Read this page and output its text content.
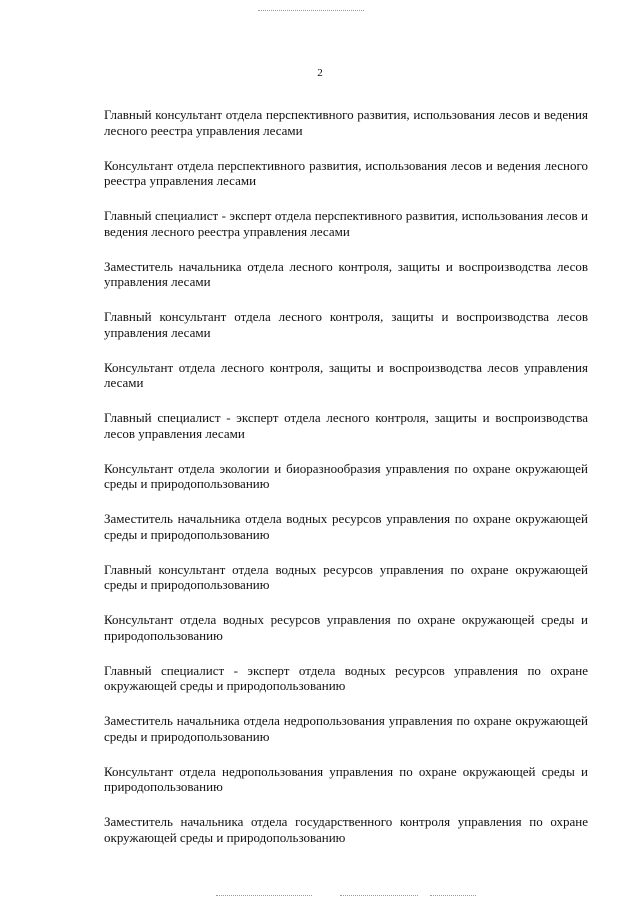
2
Главный консультант отдела перспективного развития, использования лесов и ведения лесного реестра управления лесами
Консультант отдела перспективного развития, использования лесов и ведения лесного реестра управления лесами
Главный специалист - эксперт отдела перспективного развития, использования лесов и ведения лесного реестра управления лесами
Заместитель начальника отдела лесного контроля, защиты и воспроизводства лесов управления лесами
Главный консультант отдела лесного контроля, защиты и воспроизводства лесов управления лесами
Консультант отдела лесного контроля, защиты и воспроизводства лесов управления лесами
Главный специалист - эксперт отдела лесного контроля, защиты и воспроизводства лесов управления лесами
Консультант отдела экологии и биоразнообразия управления по охране окружающей среды и природопользованию
Заместитель начальника отдела водных ресурсов управления по охране окружающей среды и природопользованию
Главный консультант отдела водных ресурсов управления по охране окружающей среды и природопользованию
Консультант отдела водных ресурсов управления по охране окружающей среды и природопользованию
Главный специалист - эксперт отдела водных ресурсов управления по охране окружающей среды и природопользованию
Заместитель начальника отдела недропользования управления по охране окружающей среды и природопользованию
Консультант отдела недропользования управления по охране окружающей среды и природопользованию
Заместитель начальника отдела государственного контроля управления по охране окружающей среды и природопользованию
